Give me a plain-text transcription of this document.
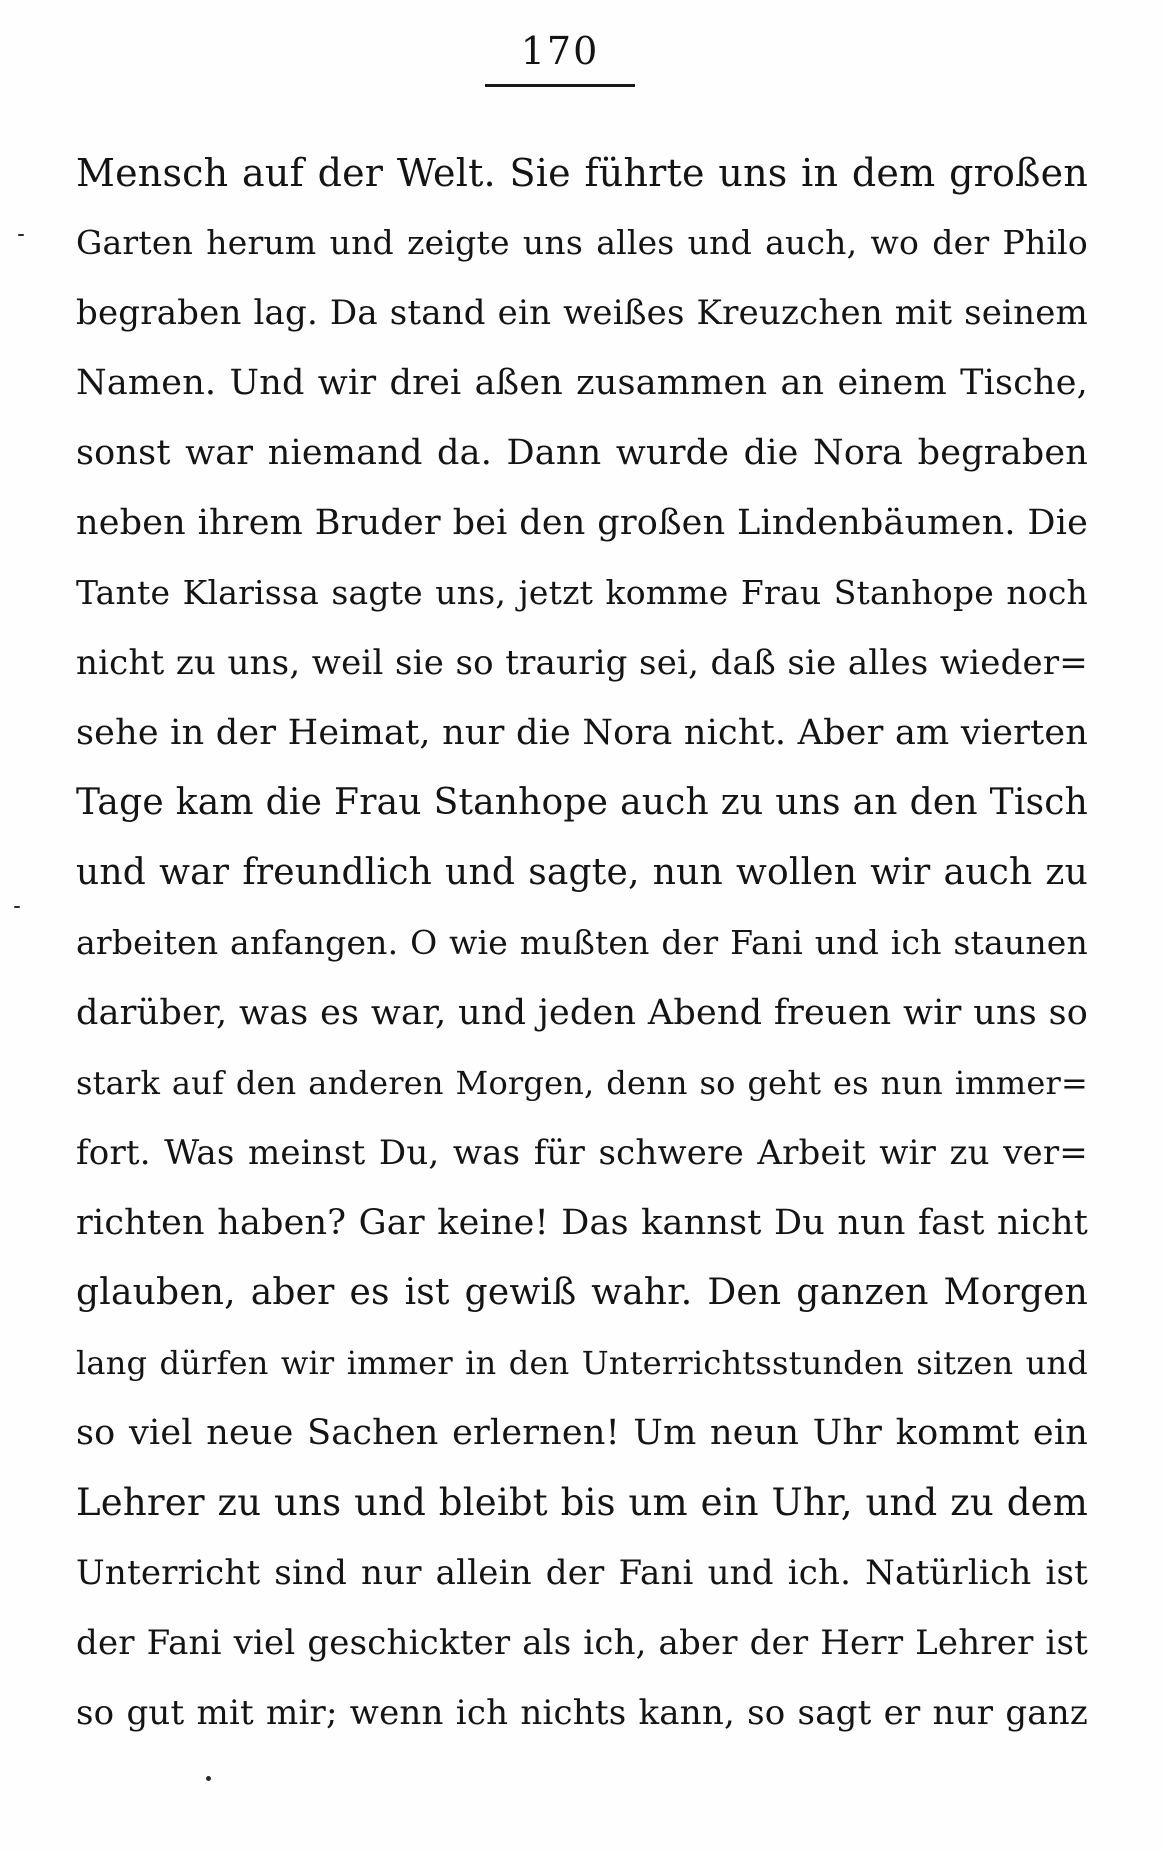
170
Mensch auf der Welt. Sie führte uns in dem großen
Garten herum und zeigte uns alles und auch, wo der Philo
begraben lag. Da stand ein weißes Kreuzchen mit seinem
Namen. Und wir drei aßen zusammen an einem Tische,
sonst war niemand da. Dann wurde die Nora begraben
neben ihrem Bruder bei den großen Lindenbäumen. Die
Tante Klarissa sagte uns, jetzt komme Frau Stanhope noch
nicht zu uns, weil sie so traurig sei, daß sie alles wieder=
sehe in der Heimat, nur die Nora nicht. Aber am vierten
Tage kam die Frau Stanhope auch zu uns an den Tisch
und war freundlich und sagte, nun wollen wir auch zu
arbeiten anfangen. O wie mußten der Fani und ich staunen
darüber, was es war, und jeden Abend freuen wir uns so
stark auf den anderen Morgen, denn so geht es nun immer=
fort. Was meinst Du, was für schwere Arbeit wir zu ver=
richten haben? Gar keine! Das kannst Du nun fast nicht
glauben, aber es ist gewiß wahr. Den ganzen Morgen
lang dürfen wir immer in den Unterrichtsstunden sitzen und
so viel neue Sachen erlernen! Um neun Uhr kommt ein
Lehrer zu uns und bleibt bis um ein Uhr, und zu dem
Unterricht sind nur allein der Fani und ich. Natürlich ist
der Fani viel geschickter als ich, aber der Herr Lehrer ist
so gut mit mir; wenn ich nichts kann, so sagt er nur ganz
